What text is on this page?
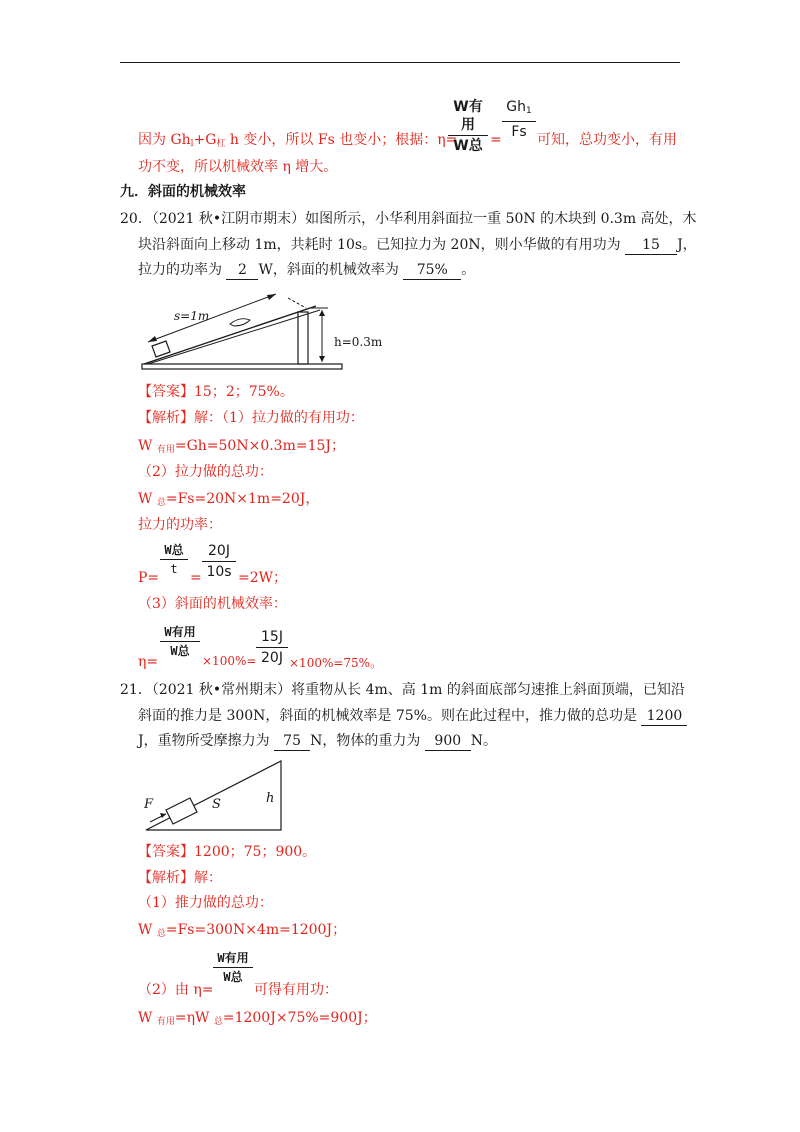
因为 $Gh_l+G_杠$ h 变小，所以 Fs 也变小；根据：η=
W有用
W总 =
$Gh_1$
Fs 可知，总功变小，有用
功不变，所以机械效率 η 增大。
九．斜面的机械效率
20．（2021 秋•江阴市期末）如图所示，小华利用斜面拉一重 50N 的木块到 0.3m 高处，木
块沿斜面向上移动 1m，共耗时 10s。已知拉力为 20N，则小华做的有用功为 15 J，
拉力的功率为 2 W，斜面的机械效率为 75% 。
s=1m
h=0.3m
【答案】15；2；75%。
【解析】解：（1）拉力做的有用功：
W $_{有用}$=Gh=50N×0.3m=15J；
（2）拉力做的总功：
W $_总$=Fs=20N×1m=20J，
拉力的功率：
P=
W总
t
=
20J
10s =2W；
（3）斜面的机械效率：
η=
W有用
W总
×100%=
15J
20J ×100%=75%。
21．（2021 秋•常州期末）将重物从长 4m、高 1m 的斜面底部匀速推上斜面顶端，已知沿
斜面的推力是 300N，斜面的机械效率是 75%。则在此过程中，推力做的总功是 1200
J，重物所受摩擦力为 75 N，物体的重力为 900 N。
F	S	h
【答案】1200；75；900。
【解析】解：
（1）推力做的总功：
W $_总$=Fs=300N×4m=1200J；
（2）由 η=
W有用
W总
可得有用功：
W $_{有用}$=ηW $_总$=1200J×75%=900J；
